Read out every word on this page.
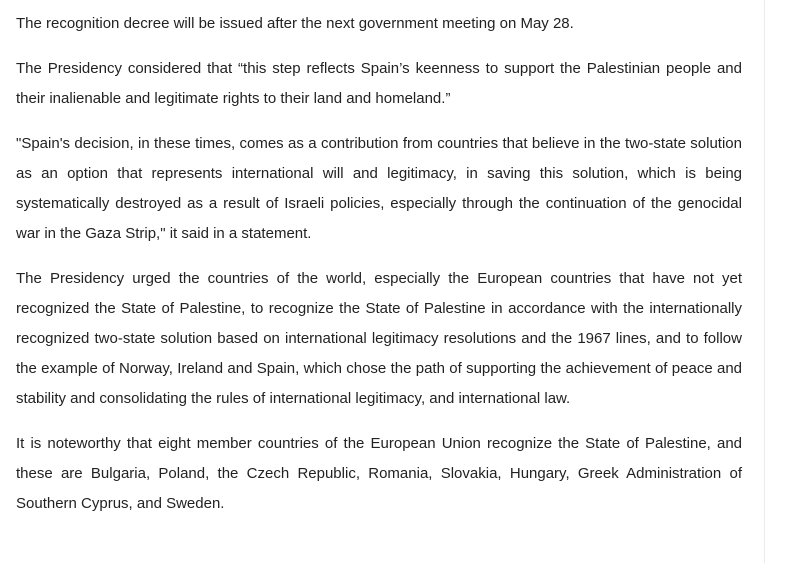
The recognition decree will be issued after the next government meeting on May 28.

The Presidency considered that “this step reflects Spain’s keenness to support the Palestinian people and their inalienable and legitimate rights to their land and homeland.”

"Spain's decision, in these times, comes as a contribution from countries that believe in the two-state solution as an option that represents international will and legitimacy, in saving this solution, which is being systematically destroyed as a result of Israeli policies, especially through the continuation of the genocidal war in the Gaza Strip," it said in a statement.

The Presidency urged the countries of the world, especially the European countries that have not yet recognized the State of Palestine, to recognize the State of Palestine in accordance with the internationally recognized two-state solution based on international legitimacy resolutions and the 1967 lines, and to follow the example of Norway, Ireland and Spain, which chose the path of supporting the achievement of peace and stability and consolidating the rules of international legitimacy, and international law.

It is noteworthy that eight member countries of the European Union recognize the State of Palestine, and these are Bulgaria, Poland, the Czech Republic, Romania, Slovakia, Hungary, Greek Administration of Southern Cyprus, and Sweden.
